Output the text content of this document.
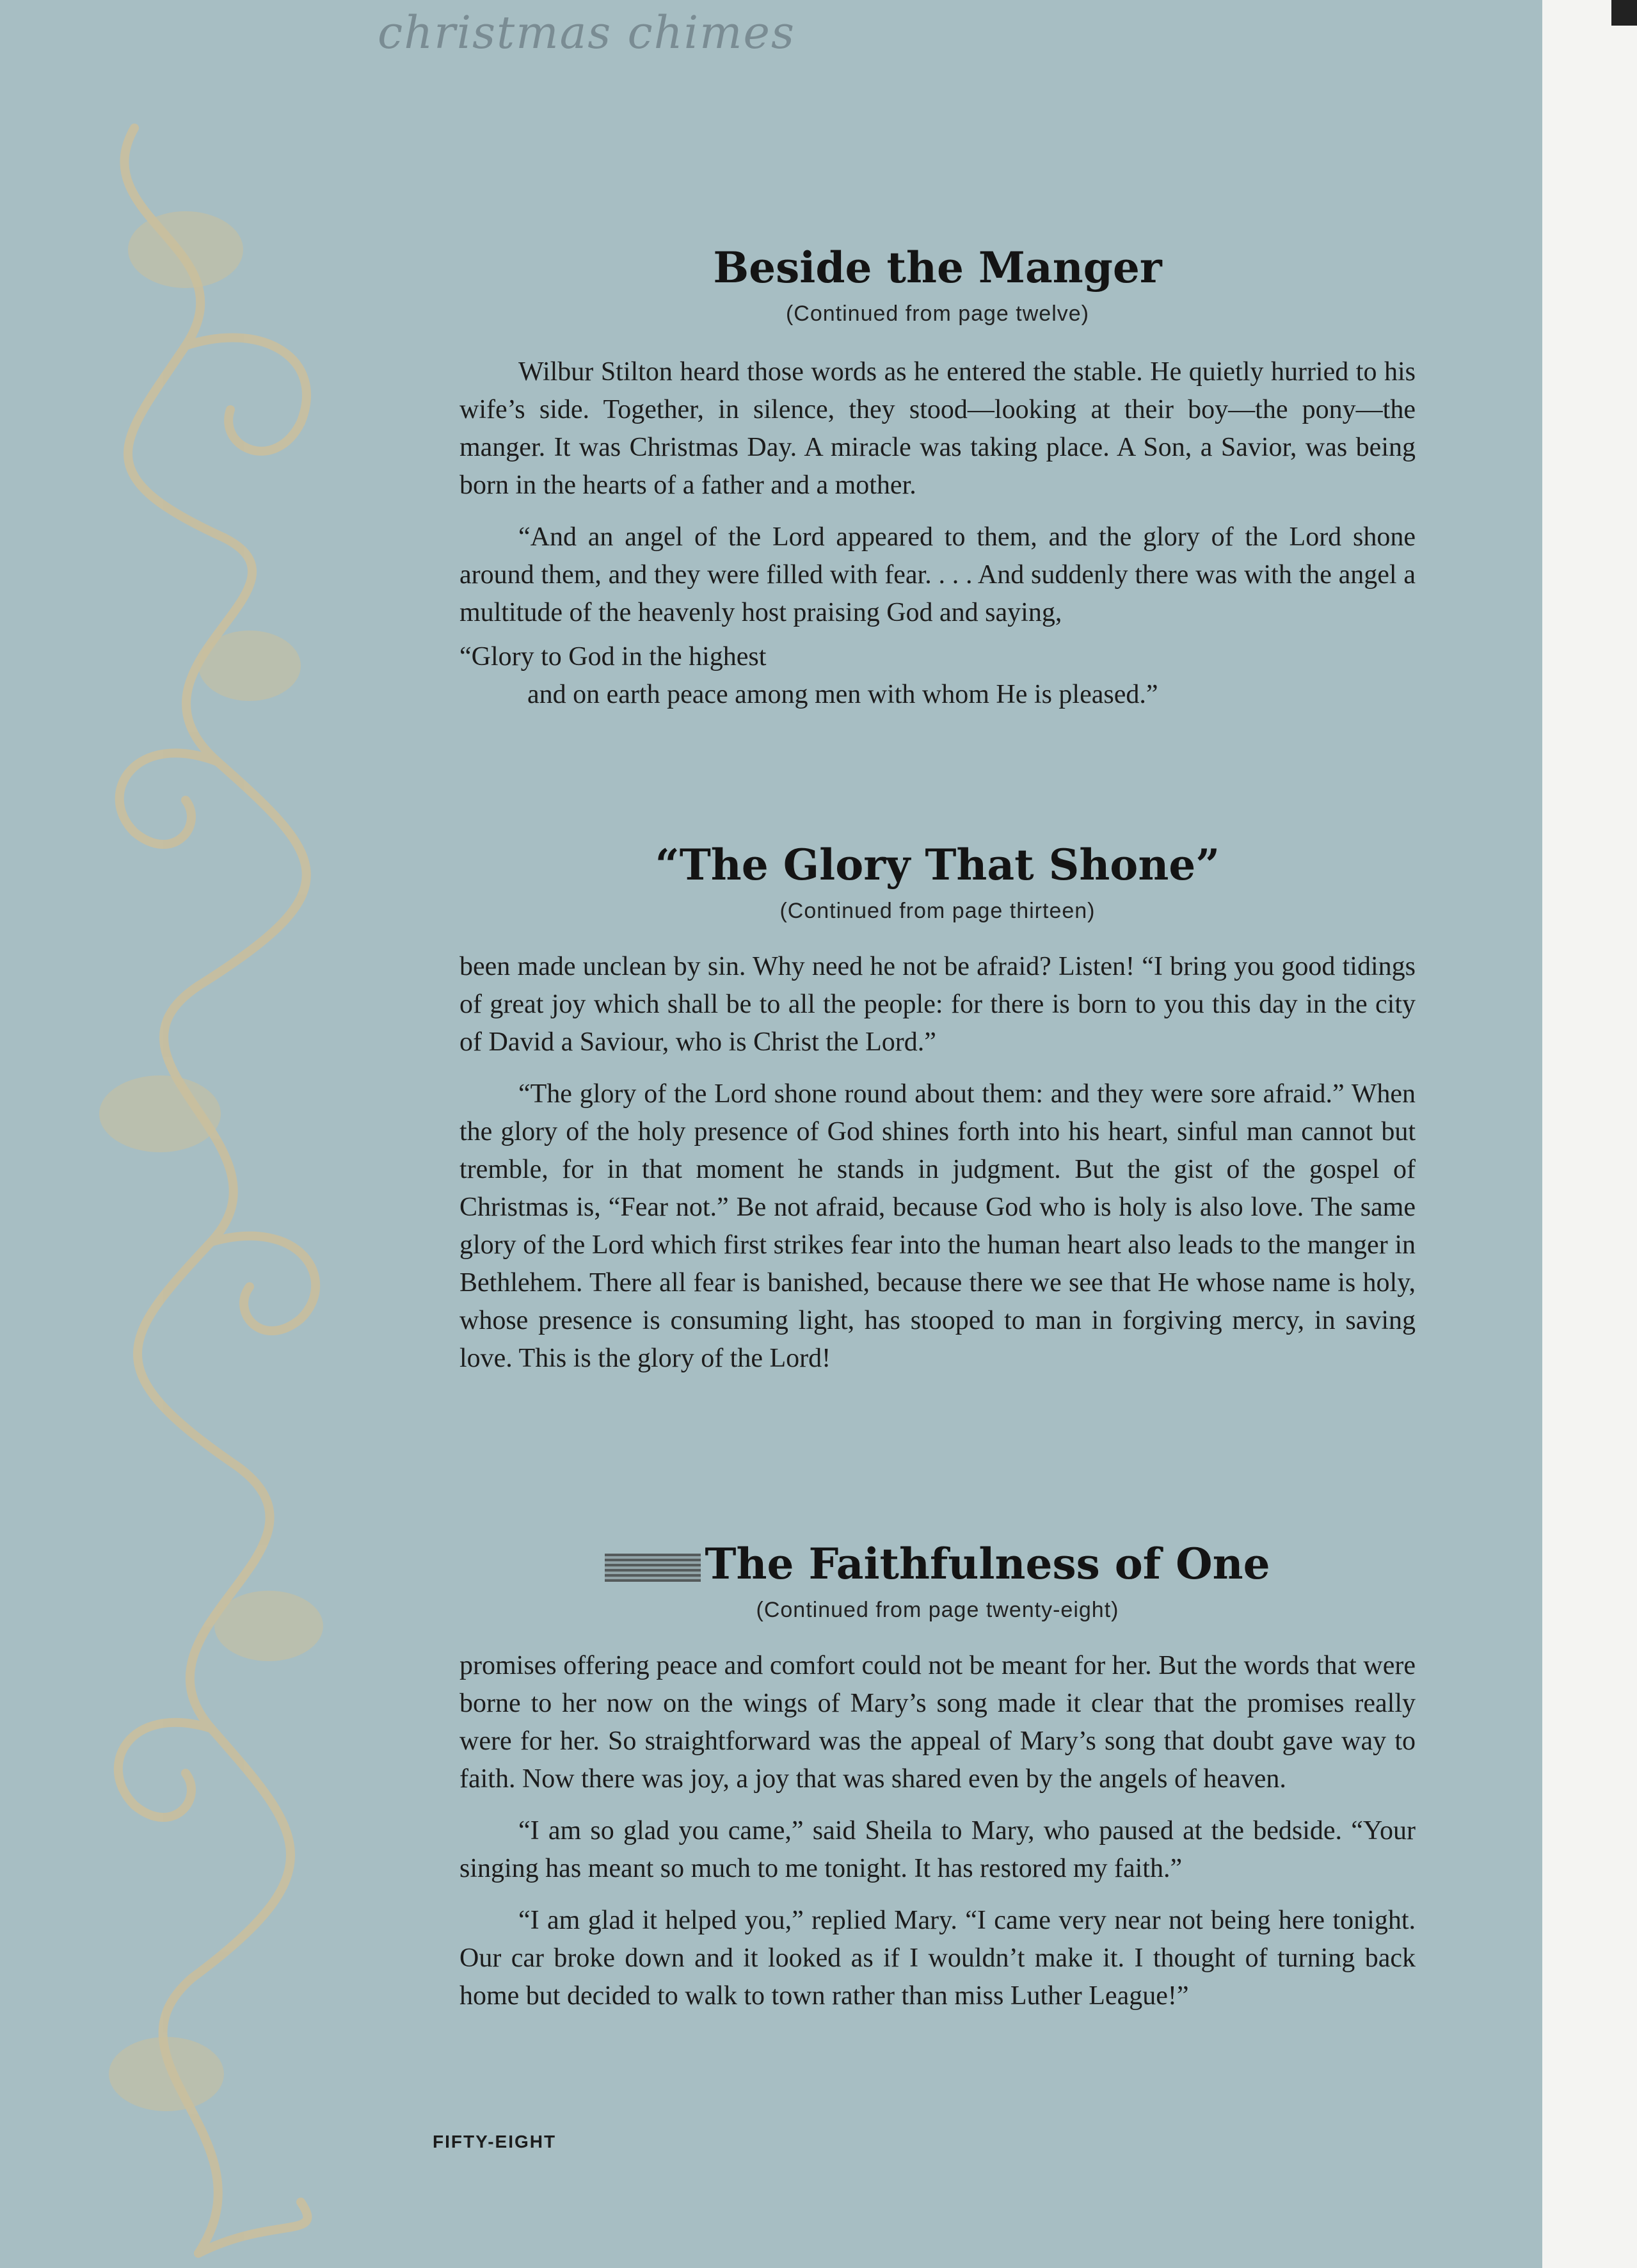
christmas chimes
Beside the Manger
(Continued from page twelve)

Wilbur Stilton heard those words as he entered the stable. He quietly hurried to his wife’s side. Together, in silence, they stood—looking at their boy—the pony—the manger. It was Christmas Day. A miracle was taking place. A Son, a Savior, was being born in the hearts of a father and a mother.

“And an angel of the Lord appeared to them, and the glory of the Lord shone around them, and they were filled with fear. . . . And suddenly there was with the angel a multitude of the heavenly host praising God and saying,

“Glory to God in the highest

and on earth peace among men with whom He is pleased.”

“The Glory That Shone”
(Continued from page thirteen)

been made unclean by sin. Why need he not be afraid? Listen! “I bring you good tidings of great joy which shall be to all the people: for there is born to you this day in the city of David a Saviour, who is Christ the Lord.”

“The glory of the Lord shone round about them: and they were sore afraid.” When the glory of the holy presence of God shines forth into his heart, sinful man cannot but tremble, for in that moment he stands in judgment. But the gist of the gospel of Christmas is, “Fear not.” Be not afraid, because God who is holy is also love. The same glory of the Lord which first strikes fear into the human heart also leads to the manger in Bethlehem. There all fear is banished, because there we see that He whose name is holy, whose presence is consuming light, has stooped to man in forgiving mercy, in saving love. This is the glory of the Lord!

The Faithfulness of One
(Continued from page twenty-eight)

promises offering peace and comfort could not be meant for her. But the words that were borne to her now on the wings of Mary’s song made it clear that the promises really were for her. So straightforward was the appeal of Mary’s song that doubt gave way to faith. Now there was joy, a joy that was shared even by the angels of heaven.

“I am so glad you came,” said Sheila to Mary, who paused at the bedside. “Your singing has meant so much to me tonight. It has restored my faith.”

“I am glad it helped you,” replied Mary. “I came very near not being here tonight. Our car broke down and it looked as if I wouldn’t make it. I thought of turning back home but decided to walk to town rather than miss Luther League!”

FIFTY-EIGHT
